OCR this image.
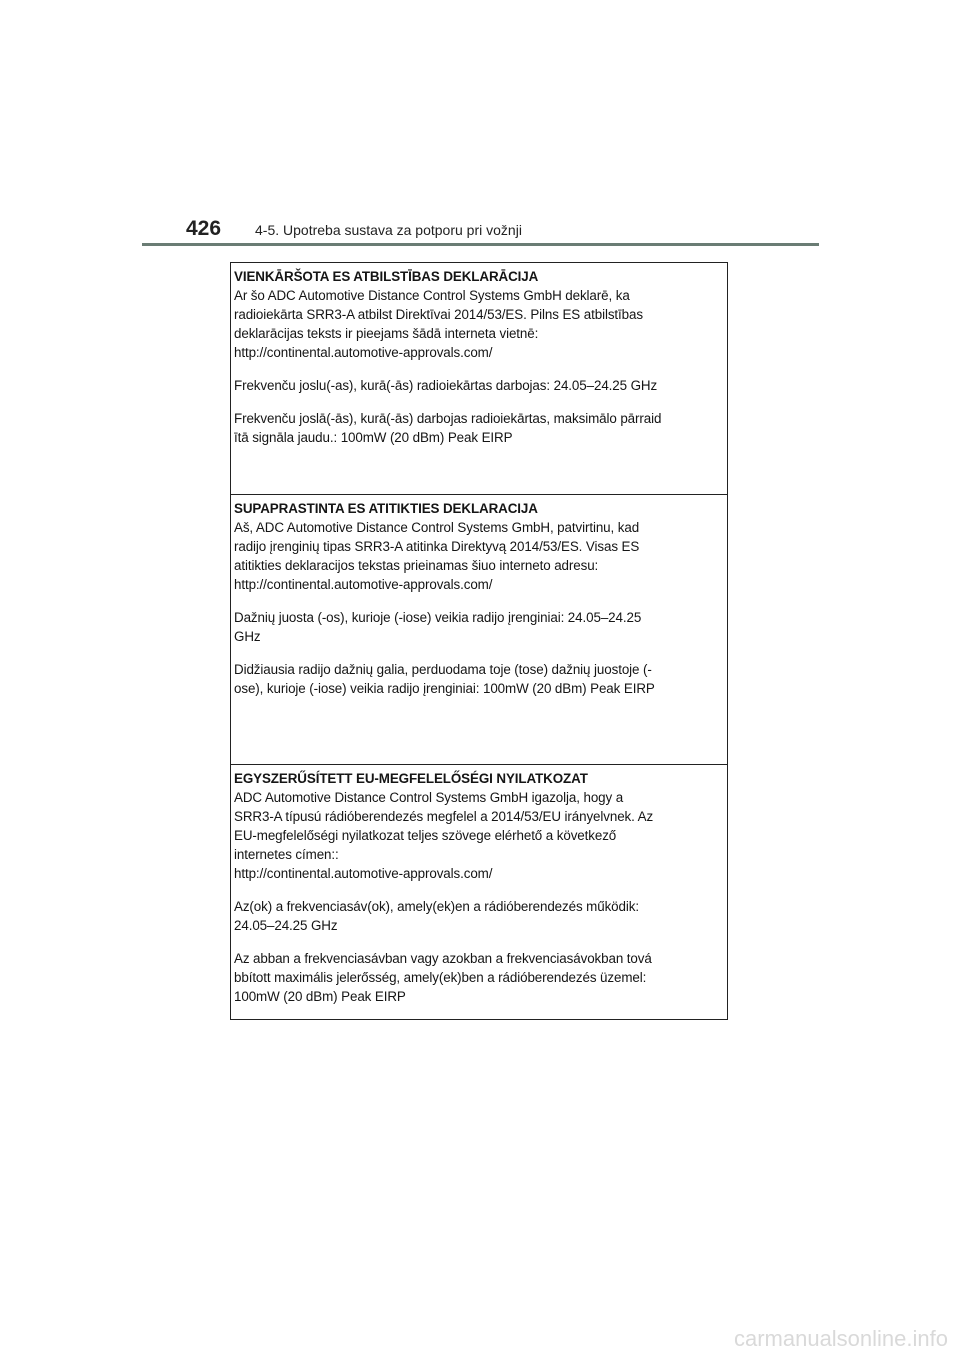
426 4-5. Upotreba sustava za potporu pri vožnji

VIENKĀRŠOTA ES ATBILSTĪBAS DEKLARĀCIJA

Ar šo ADC Automotive Distance Control Systems GmbH deklarē, ka

radioiekārta SRR3-A atbilst Direktīvai 2014/53/ES. Pilns ES atbilstības

deklarācijas teksts ir pieejams šādā interneta vietnē:

http://continental.automotive-approvals.com/

Frekvenču joslu(-as), kurā(-ās) radioiekārtas darbojas: 24.05–24.25 GHz

Frekvenču joslā(-ās), kurā(-ās) darbojas radioiekārtas, maksimālo pārraid

ītā signāla jaudu.: 100mW (20 dBm) Peak EIRP

SUPAPRASTINTA ES ATITIKTIES DEKLARACIJA

Aš, ADC Automotive Distance Control Systems GmbH, patvirtinu, kad

radijo įrenginių tipas SRR3-A atitinka Direktyvą 2014/53/ES. Visas ES

atitikties deklaracijos tekstas prieinamas šiuo interneto adresu:

http://continental.automotive-approvals.com/

Dažnių juosta (-os), kurioje (-iose) veikia radijo įrenginiai: 24.05–24.25

GHz

Didžiausia radijo dažnių galia, perduodama toje (tose) dažnių juostoje (-

ose), kurioje (-iose) veikia radijo įrenginiai: 100mW (20 dBm) Peak EIRP

EGYSZERŰSÍTETT EU-MEGFELELŐSÉGI NYILATKOZAT

ADC Automotive Distance Control Systems GmbH igazolja, hogy a

SRR3-A típusú rádióberendezés megfelel a 2014/53/EU irányelvnek. Az

EU-megfelelőségi nyilatkozat teljes szövege elérhető a következő

internetes címen::

http://continental.automotive-approvals.com/

Az(ok) a frekvenciasáv(ok), amely(ek)en a rádióberendezés működik:

24.05–24.25 GHz

Az abban a frekvenciasávban vagy azokban a frekvenciasávokban tová

bbított maximális jelerősség, amely(ek)ben a rádióberendezés üzemel:

100mW (20 dBm) Peak EIRP

carmanualsonline.info
